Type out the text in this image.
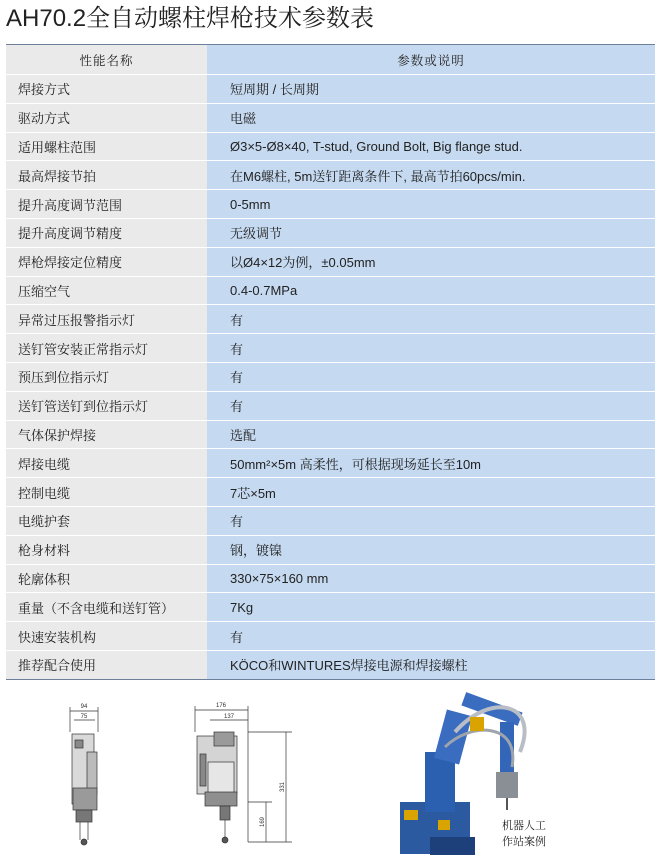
AH70.2全自动螺柱焊枪技术参数表
性能名称	参数或说明
焊接方式	短周期 / 长周期
驱动方式	电磁
适用螺柱范围	Ø3×5-Ø8×40, T-stud, Ground Bolt, Big flange stud.
最高焊接节拍	在M6螺柱, 5m送钉距离条件下, 最高节拍60pcs/min.
提升高度调节范围	0-5mm
提升高度调节精度	无级调节
焊枪焊接定位精度	以Ø4×12为例，±0.05mm
压缩空气	0.4-0.7MPa
异常过压报警指示灯	有
送钉管安装正常指示灯	有
预压到位指示灯	有
送钉管送钉到位指示灯	有
气体保护焊接	选配
焊接电缆	50mm²×5m 高柔性，可根据现场延长至10m
控制电缆	7芯×5m
电缆护套	有
枪身材料	钢，镀镍
轮廓体积	330×75×160 mm
重量（不含电缆和送钉管）	7Kg
快速安装机构	有
推荐配合使用	KÖCO和WINTURES焊接电源和焊接螺柱
94
75
176
137
331
169	机器人工
作站案例
